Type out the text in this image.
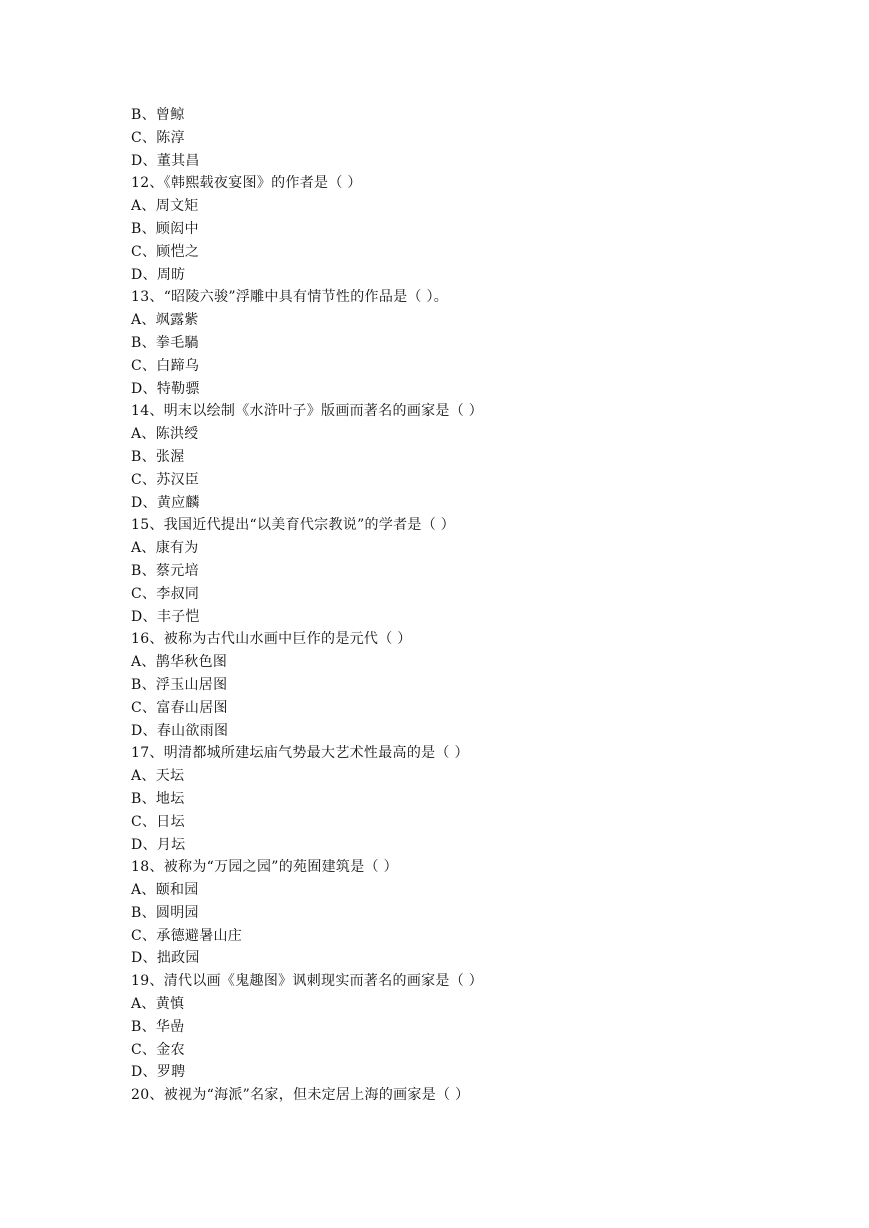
B、曾鲸
C、陈淳
D、董其昌
12、《韩熙载夜宴图》的作者是（ ）
A、周文矩
B、顾闳中
C、顾恺之
D、周昉
13、“昭陵六骏”浮雕中具有情节性的作品是（ ）。
A、飒露紫
B、拳毛騧
C、白蹄乌
D、特勒骠
14、明末以绘制《水浒叶子》版画而著名的画家是（ ）
A、陈洪绶
B、张渥
C、苏汉臣
D、黄应麟
15、我国近代提出“以美育代宗教说”的学者是（ ）
A、康有为
B、蔡元培
C、李叔同
D、丰子恺
16、被称为古代山水画中巨作的是元代（ ）
A、鹊华秋色图
B、浮玉山居图
C、富春山居图
D、春山欲雨图
17、明清都城所建坛庙气势最大艺术性最高的是（ ）
A、天坛
B、地坛
C、日坛
D、月坛
18、被称为“万园之园”的苑囿建筑是（ ）
A、颐和园
B、圆明园
C、承德避暑山庄
D、拙政园
19、清代以画《鬼趣图》讽刺现实而著名的画家是（ ）
A、黄慎
B、华嵒
C、金农
D、罗聘
20、被视为“海派”名家，但未定居上海的画家是（ ）
